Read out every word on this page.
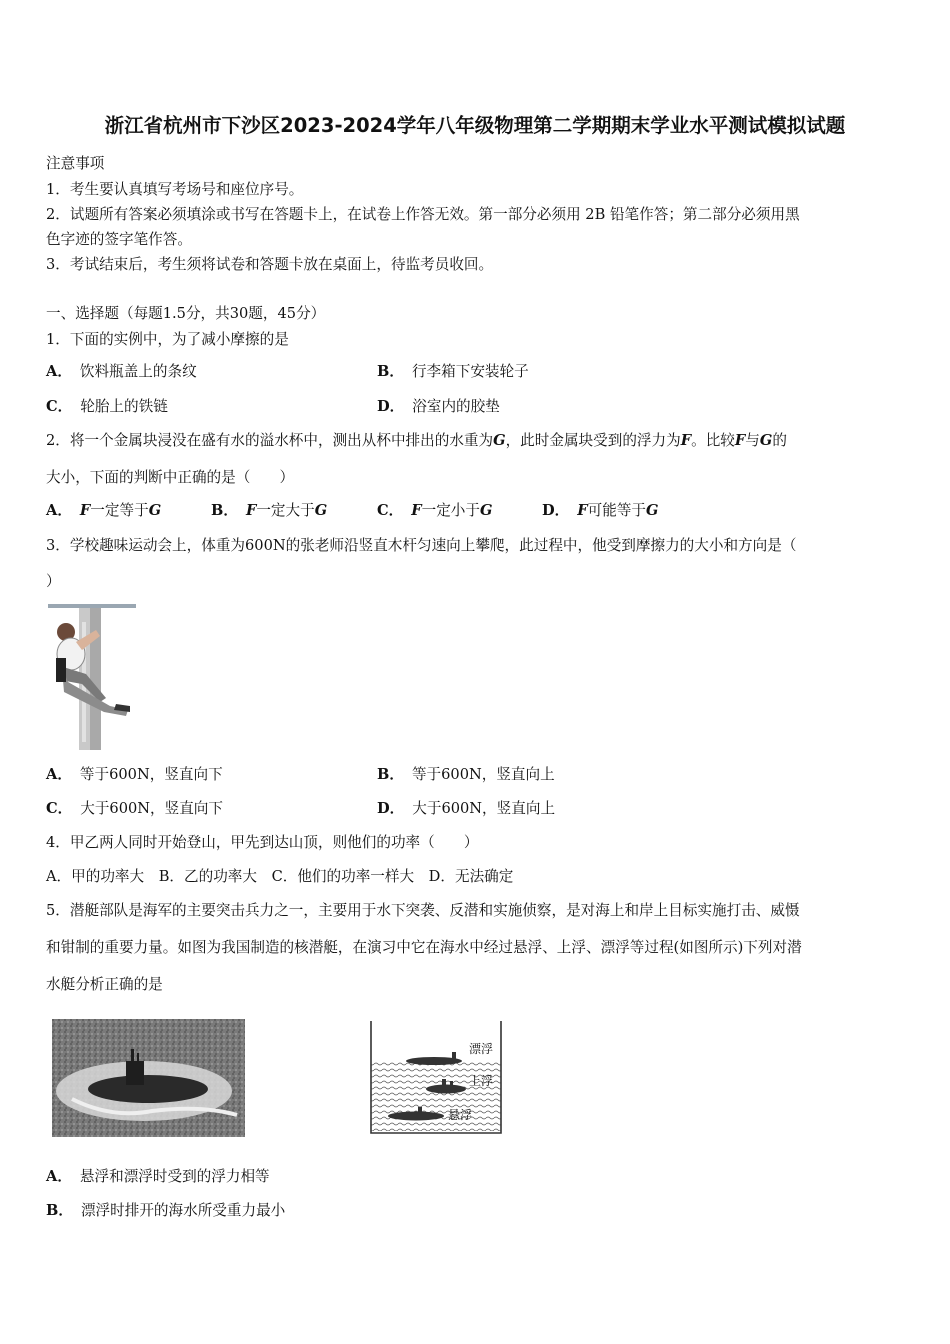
浙江省杭州市下沙区2023-2024学年八年级物理第二学期期末学业水平测试模拟试题
注意事项
1．考生要认真填写考场号和座位序号。
2．试题所有答案必须填涂或书写在答题卡上，在试卷上作答无效。第一部分必须用 2B 铅笔作答；第二部分必须用黑
色字迹的签字笔作答。
3．考试结束后，考生须将试卷和答题卡放在桌面上，待监考员收回。
一、选择题（每题1.5分，共30题，45分）
1．下面的实例中，为了减小摩擦的是
A． 饮料瓶盖上的条纹	B． 行李箱下安装轮子
C． 轮胎上的铁链	D． 浴室内的胶垫
2．将一个金属块浸没在盛有水的溢水杯中，测出从杯中排出的水重为G，此时金属块受到的浮力为F。比较F与G的
大小，下面的判断中正确的是（　　）
A． F一定等于G	B． F一定大于G	C． F一定小于G	D． F可能等于G
3．学校趣味运动会上，体重为600N的张老师沿竖直木杆匀速向上攀爬，此过程中，他受到摩擦力的大小和方向是（
）
A． 等于600N，竖直向下	B． 等于600N，竖直向上
C． 大于600N，竖直向下	D． 大于600N，竖直向上
4．甲乙两人同时开始登山，甲先到达山顶，则他们的功率（　　）
A．甲的功率大　B．乙的功率大　C．他们的功率一样大　D．无法确定
5．潜艇部队是海军的主要突击兵力之一，主要用于水下突袭、反潜和实施侦察，是对海上和岸上目标实施打击、威慑
和钳制的重要力量。如图为我国制造的核潜艇，在演习中它在海水中经过悬浮、上浮、漂浮等过程(如图所示)下列对潜
水艇分析正确的是
漂浮
上浮
悬浮
A． 悬浮和漂浮时受到的浮力相等
B． 漂浮时排开的海水所受重力最小
